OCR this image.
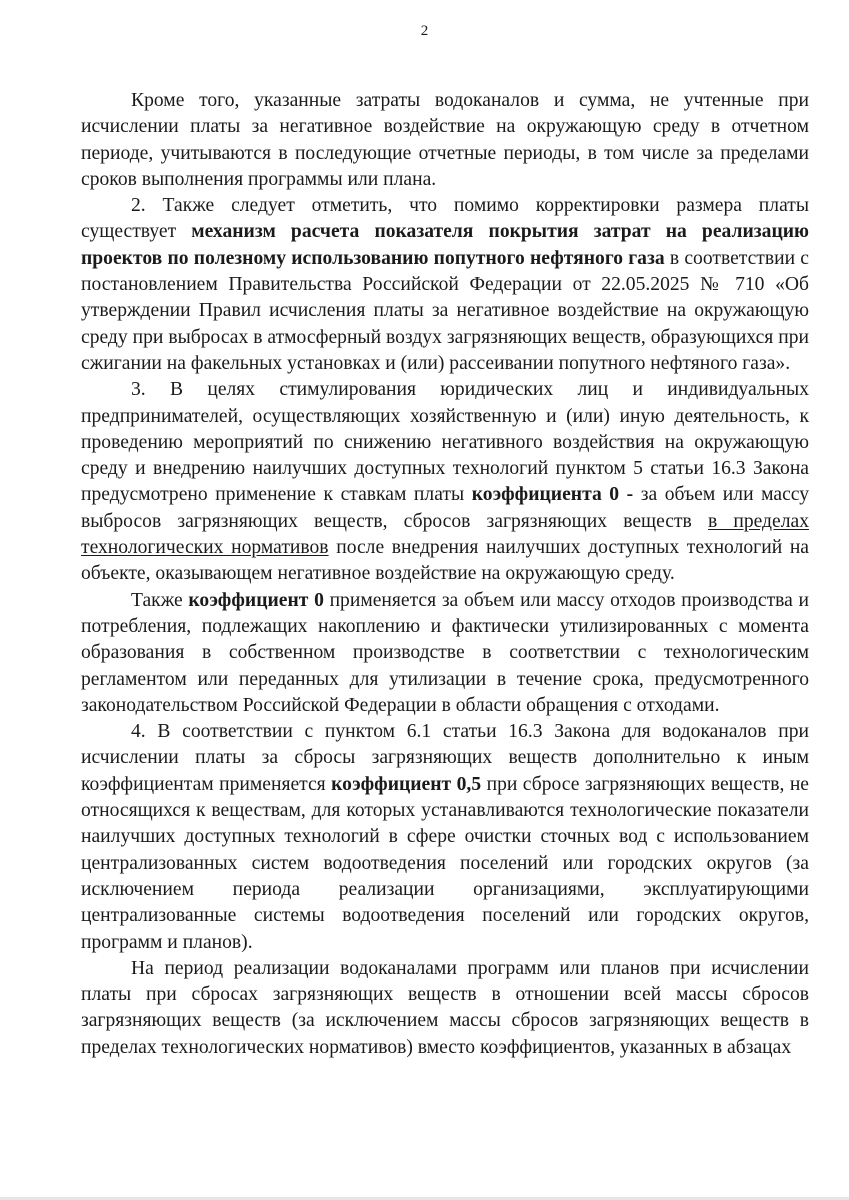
2

Кроме того, указанные затраты водоканалов и сумма, не учтенные при исчислении платы за негативное воздействие на окружающую среду в отчетном периоде, учитываются в последующие отчетные периоды, в том числе за пределами сроков выполнения программы или плана.

2. Также следует отметить, что помимо корректировки размера платы существует механизм расчета показателя покрытия затрат на реализацию проектов по полезному использованию попутного нефтяного газа в соответствии с постановлением Правительства Российской Федерации от 22.05.2025 № 710 «Об утверждении Правил исчисления платы за негативное воздействие на окружающую среду при выбросах в атмосферный воздух загрязняющих веществ, образующихся при сжигании на факельных установках и (или) рассеивании попутного нефтяного газа».

3. В целях стимулирования юридических лиц и индивидуальных предпринимателей, осуществляющих хозяйственную и (или) иную деятельность, к проведению мероприятий по снижению негативного воздействия на окружающую среду и внедрению наилучших доступных технологий пунктом 5 статьи 16.3 Закона предусмотрено применение к ставкам платы коэффициента 0 - за объем или массу выбросов загрязняющих веществ, сбросов загрязняющих веществ в пределах технологических нормативов после внедрения наилучших доступных технологий на объекте, оказывающем негативное воздействие на окружающую среду.

Также коэффициент 0 применяется за объем или массу отходов производства и потребления, подлежащих накоплению и фактически утилизированных с момента образования в собственном производстве в соответствии с технологическим регламентом или переданных для утилизации в течение срока, предусмотренного законодательством Российской Федерации в области обращения с отходами.

4. В соответствии с пунктом 6.1 статьи 16.3 Закона для водоканалов при исчислении платы за сбросы загрязняющих веществ дополнительно к иным коэффициентам применяется коэффициент 0,5 при сбросе загрязняющих веществ, не относящихся к веществам, для которых устанавливаются технологические показатели наилучших доступных технологий в сфере очистки сточных вод с использованием централизованных систем водоотведения поселений или городских округов (за исключением периода реализации организациями, эксплуатирующими централизованные системы водоотведения поселений или городских округов, программ и планов).

На период реализации водоканалами программ или планов при исчислении платы при сбросах загрязняющих веществ в отношении всей массы сбросов загрязняющих веществ (за исключением массы сбросов загрязняющих веществ в пределах технологических нормативов) вместо коэффициентов, указанных в абзацах
